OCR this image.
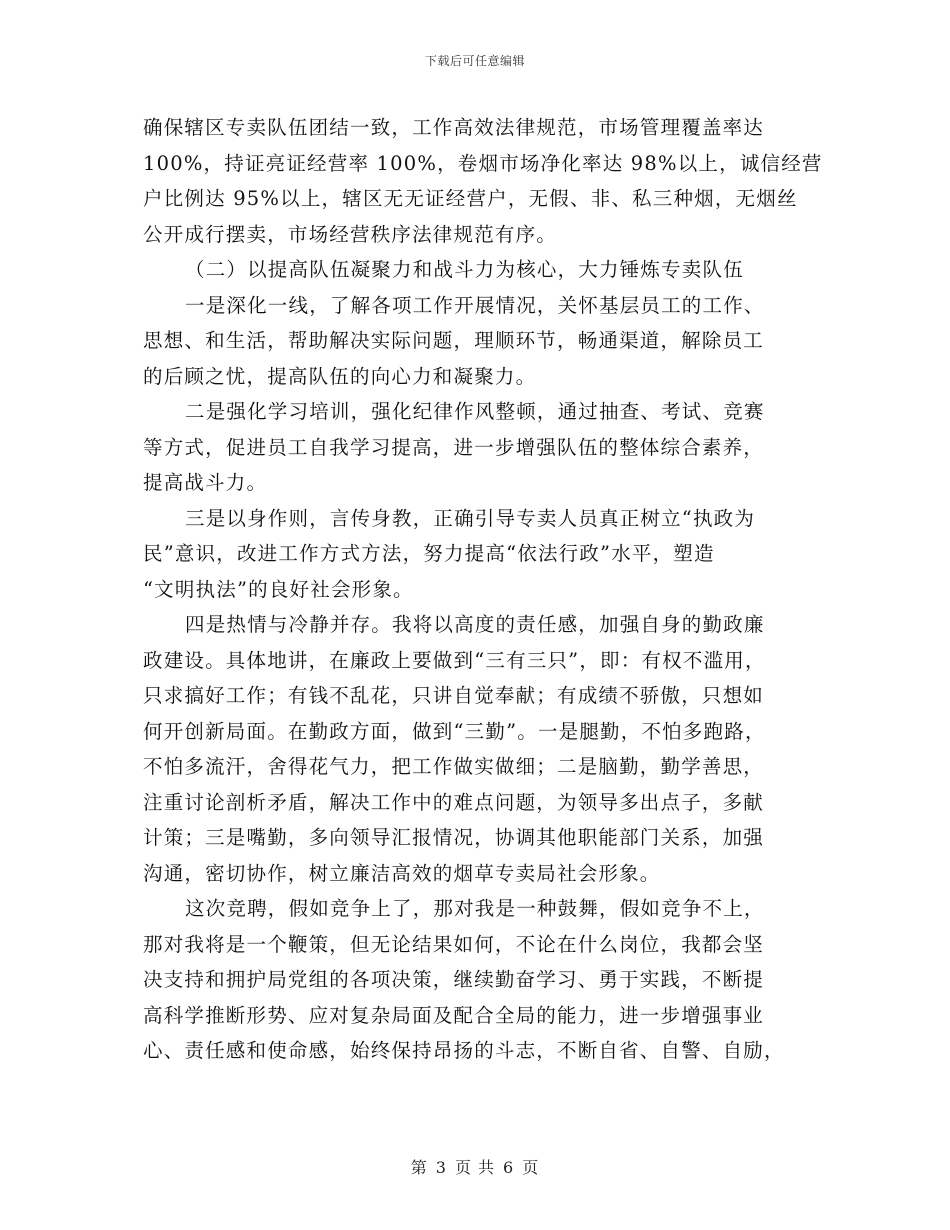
下载后可任意编辑
确保辖区专卖队伍团结一致，工作高效法律规范，市场管理覆盖率达
100%，持证亮证经营率 100%，卷烟市场净化率达 98%以上，诚信经营
户比例达 95%以上，辖区无无证经营户，无假、非、私三种烟，无烟丝
公开成行摆卖，市场经营秩序法律规范有序。
（二）以提高队伍凝聚力和战斗力为核心，大力锤炼专卖队伍
一是深化一线，了解各项工作开展情况，关怀基层员工的工作、
思想、和生活，帮助解决实际问题，理顺环节，畅通渠道，解除员工
的后顾之忧，提高队伍的向心力和凝聚力。
二是强化学习培训，强化纪律作风整顿，通过抽查、考试、竞赛
等方式，促进员工自我学习提高，进一步增强队伍的整体综合素养，
提高战斗力。
三是以身作则，言传身教，正确引导专卖人员真正树立“执政为
民”意识，改进工作方式方法，努力提高“依法行政”水平，塑造
“文明执法”的良好社会形象。
四是热情与冷静并存。我将以高度的责任感，加强自身的勤政廉
政建设。具体地讲，在廉政上要做到“三有三只”，即：有权不滥用，
只求搞好工作；有钱不乱花，只讲自觉奉献；有成绩不骄傲，只想如
何开创新局面。在勤政方面，做到“三勤”。一是腿勤，不怕多跑路，
不怕多流汗，舍得花气力，把工作做实做细；二是脑勤，勤学善思，
注重讨论剖析矛盾，解决工作中的难点问题，为领导多出点子，多献
计策；三是嘴勤，多向领导汇报情况，协调其他职能部门关系，加强
沟通，密切协作，树立廉洁高效的烟草专卖局社会形象。
这次竞聘，假如竞争上了，那对我是一种鼓舞，假如竞争不上，
那对我将是一个鞭策，但无论结果如何，不论在什么岗位，我都会坚
决支持和拥护局党组的各项决策，继续勤奋学习、勇于实践，不断提
高科学推断形势、应对复杂局面及配合全局的能力，进一步增强事业
心、责任感和使命感，始终保持昂扬的斗志，不断自省、自警、自励，
第 3 页 共 6 页
